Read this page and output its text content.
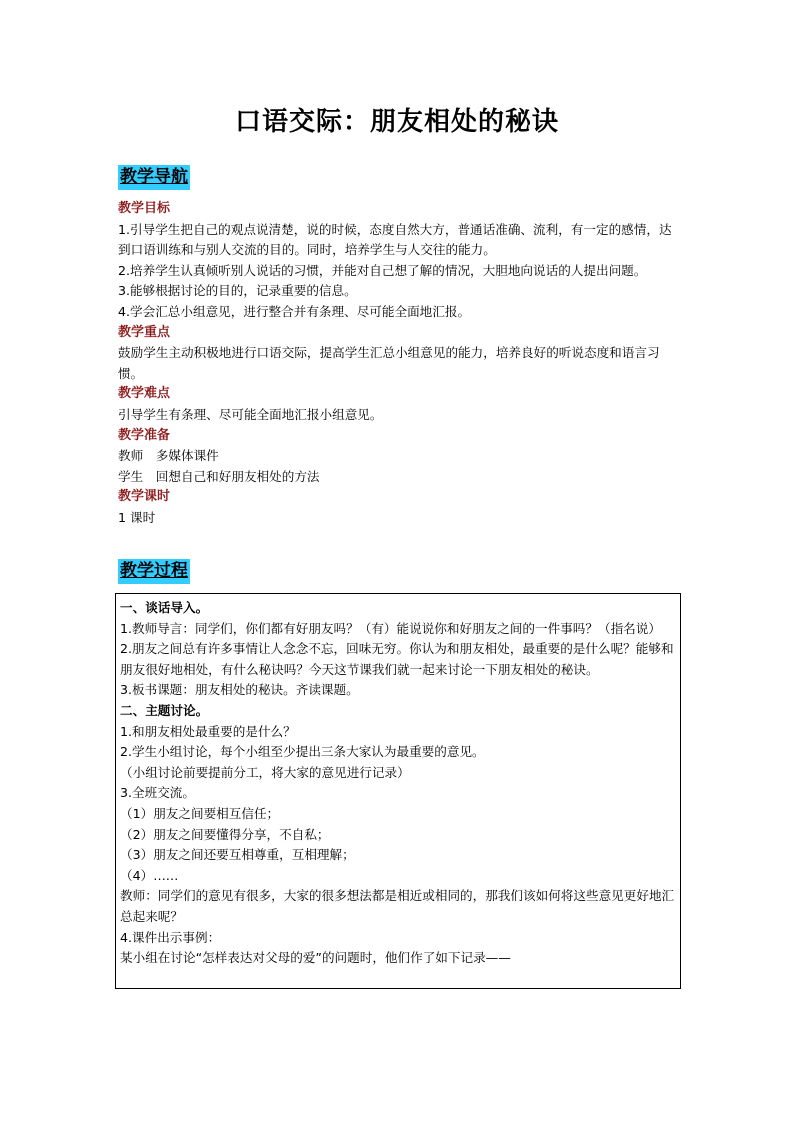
口语交际：朋友相处的秘诀
教学导航

教学目标

1.引导学生把自己的观点说清楚，说的时候，态度自然大方，普通话准确、流利，有一定的感情，达到口语训练和与别人交流的目的。同时，培养学生与人交往的能力。

2.培养学生认真倾听别人说话的习惯，并能对自己想了解的情况，大胆地向说话的人提出问题。

3.能够根据讨论的目的，记录重要的信息。

4.学会汇总小组意见，进行整合并有条理、尽可能全面地汇报。

教学重点

鼓励学生主动积极地进行口语交际，提高学生汇总小组意见的能力，培养良好的听说态度和语言习惯。

教学难点

引导学生有条理、尽可能全面地汇报小组意见。

教学准备

教师　多媒体课件

学生　回想自己和好朋友相处的方法

教学课时

1 课时

教学过程

一、谈话导入。

1.教师导言：同学们，你们都有好朋友吗？（有）能说说你和好朋友之间的一件事吗？（指名说）

2.朋友之间总有许多事情让人念念不忘，回味无穷。你认为和朋友相处，最重要的是什么呢？能够和朋友很好地相处，有什么秘诀吗？今天这节课我们就一起来讨论一下朋友相处的秘诀。

3.板书课题：朋友相处的秘诀。齐读课题。

二、主题讨论。

1.和朋友相处最重要的是什么？

2.学生小组讨论，每个小组至少提出三条大家认为最重要的意见。

（小组讨论前要提前分工，将大家的意见进行记录）

3.全班交流。

（1）朋友之间要相互信任；

（2）朋友之间要懂得分享，不自私；

（3）朋友之间还要互相尊重，互相理解；

（4）……

教师：同学们的意见有很多，大家的很多想法都是相近或相同的，那我们该如何将这些意见更好地汇总起来呢？

4.课件出示事例：

某小组在讨论“怎样表达对父母的爱”的问题时，他们作了如下记录——
